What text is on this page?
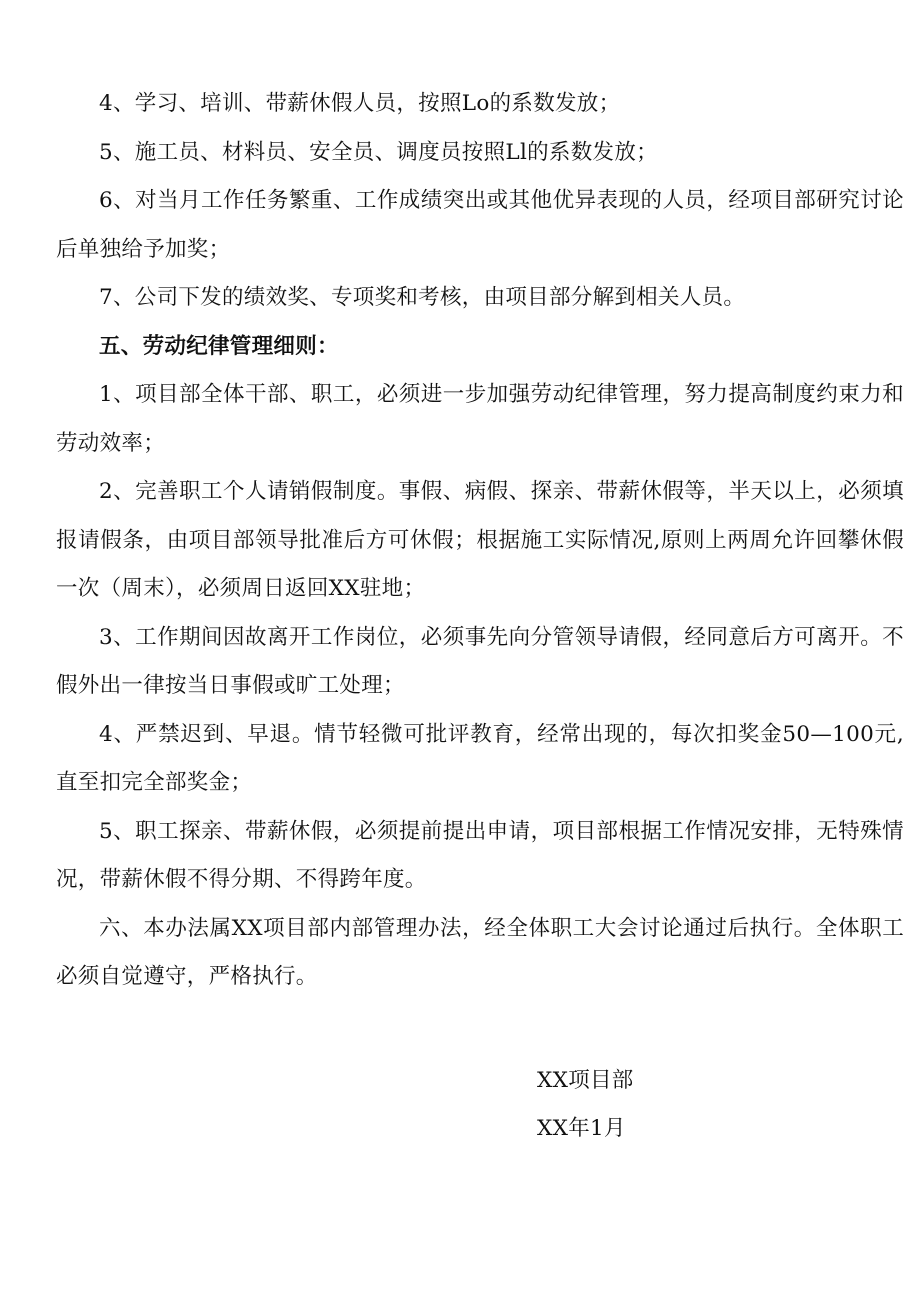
4、学习、培训、带薪休假人员，按照Lo的系数发放；

5、施工员、材料员、安全员、调度员按照Ll的系数发放；

6、对当月工作任务繁重、工作成绩突出或其他优异表现的人员，经项目部研究讨论后单独给予加奖；

7、公司下发的绩效奖、专项奖和考核，由项目部分解到相关人员。

五、劳动纪律管理细则：

1、项目部全体干部、职工，必须进一步加强劳动纪律管理，努力提高制度约束力和劳动效率；

2、完善职工个人请销假制度。事假、病假、探亲、带薪休假等，半天以上，必须填报请假条，由项目部领导批准后方可休假；根据施工实际情况,原则上两周允许回攀休假一次（周末），必须周日返回XX驻地；

3、工作期间因故离开工作岗位，必须事先向分管领导请假，经同意后方可离开。不假外出一律按当日事假或旷工处理；

4、严禁迟到、早退。情节轻微可批评教育，经常出现的，每次扣奖金50—100元,直至扣完全部奖金；

5、职工探亲、带薪休假，必须提前提出申请，项目部根据工作情况安排，无特殊情况，带薪休假不得分期、不得跨年度。

六、本办法属XX项目部内部管理办法，经全体职工大会讨论通过后执行。全体职工必须自觉遵守，严格执行。

XX项目部
XX年1月
